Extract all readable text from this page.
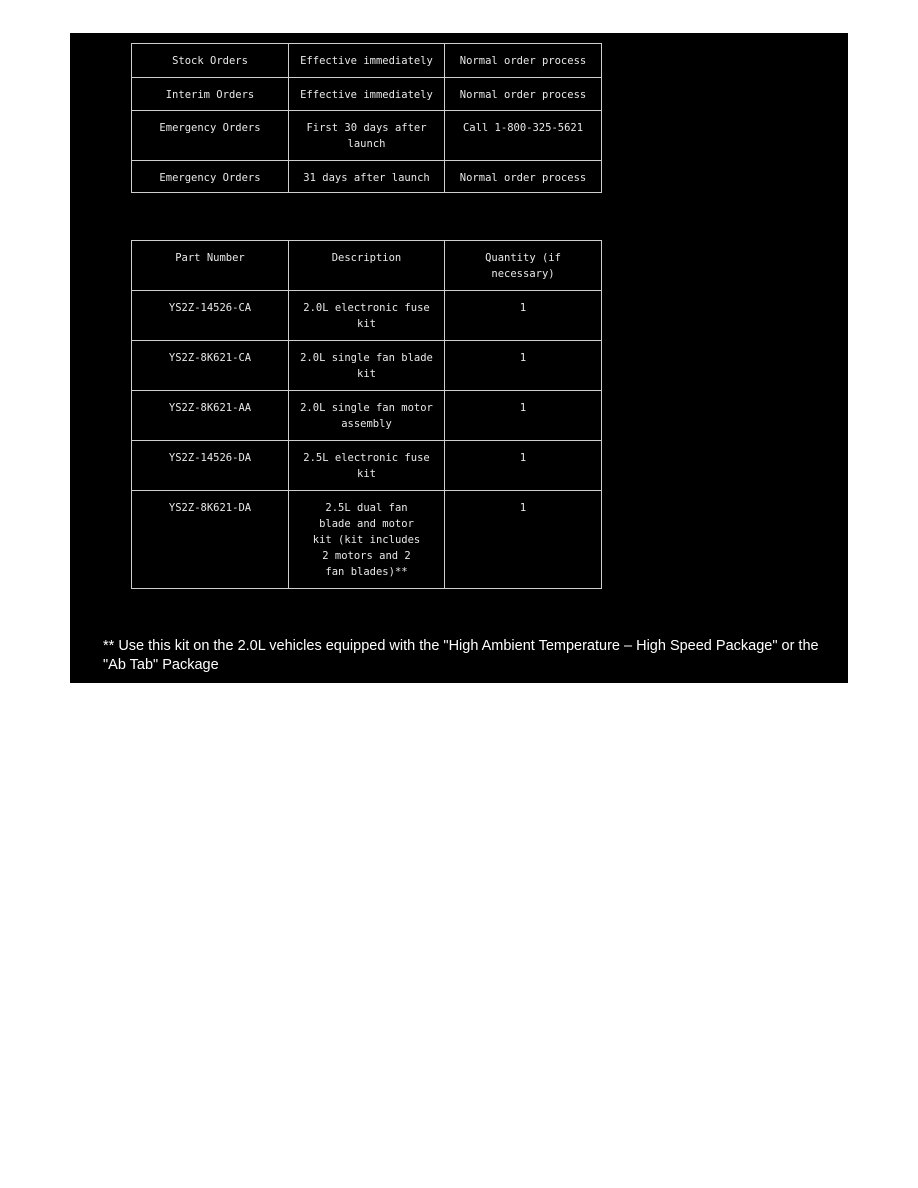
Stock Orders	Effective immediately	Normal order process
Interim Orders	Effective immediately	Normal order process
Emergency Orders	First 30 days after launch	Call 1-800-325-5621
Emergency Orders	31 days after launch	Normal order process
Part Number	Description	Quantity (if necessary)
YS2Z-14526-CA	2.0L electronic fuse kit	1
YS2Z-8K621-CA	2.0L single fan blade kit	1
YS2Z-8K621-AA	2.0L single fan motor assembly	1
YS2Z-14526-DA	2.5L electronic fuse kit	1
YS2Z-8K621-DA	2.5L dual fan blade and motor kit (kit includes 2 motors and 2 fan blades)**	1
** Use this kit on the 2.0L vehicles equipped with the "High Ambient Temperature – High Speed Package" or the "Ab Tab" Package
